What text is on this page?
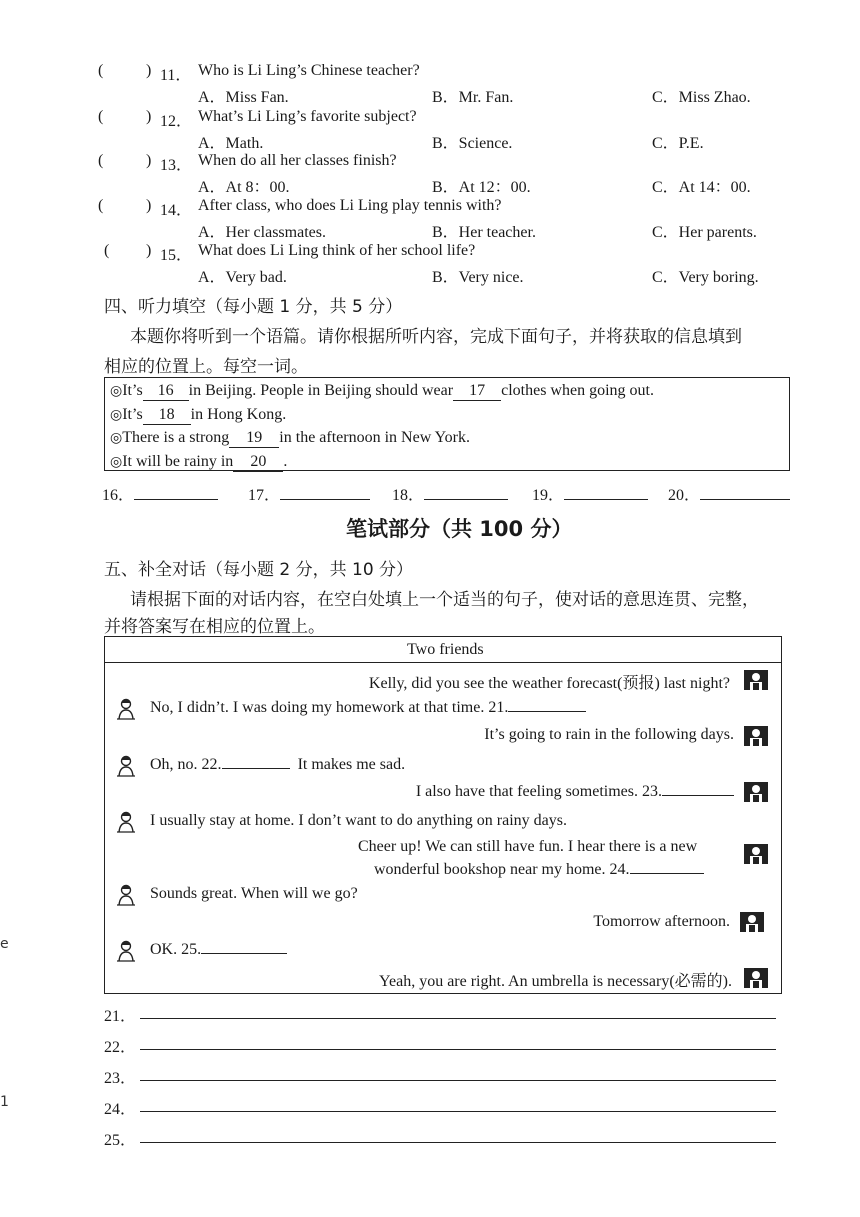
(	) 11． Who is Li Ling’s Chinese teacher?
A．Miss Fan.	B．Mr. Fan.	C．Miss Zhao.
(	) 12． What’s Li Ling’s favorite subject?
A．Math.	B．Science.	C．P.E.
(	) 13． When do all her classes finish?
A．At 8：00.	B．At 12：00.	C．At 14：00.
(	) 14． After class, who does Li Ling play tennis with?
A．Her classmates.	B．Her teacher.	C．Her parents.
( ) 15． What does Li Ling think of her school life?
A．Very bad.	B．Very nice.	C．Very boring.
四、听力填空（每小题 1 分，共 5 分）
本题你将听到一个语篇。请你根据所听内容，完成下面句子，并将获取的信息填到
相应的位置上。每空一词。
◎It’s 16 in Beijing. People in Beijing should wear 17 clothes when going out.
◎It’s 18 in Hong Kong.
◎There is a strong 19 in the afternoon in New York.
◎It will be rainy in 20 .
16．	17．	18．	19．	20．
笔试部分（共 100 分）
五、补全对话（每小题 2 分，共 10 分）
请根据下面的对话内容，在空白处填上一个适当的句子，使对话的意思连贯、完整，
并将答案写在相应的位置上。
Two friends
Kelly, did you see the weather forecast(预报) last night?
It’s going to rain in the following days.
I also have that feeling sometimes. 23.
Cheer up! We can still have fun. I hear there is a new
wonderful bookshop near my home. 24.
Tomorrow afternoon.
Yeah, you are right. An umbrella is necessary(必需的).
No, I didn’t. I was doing my homework at that time. 21.
Oh, no. 22.	It makes me sad.
I usually stay at home. I don’t want to do anything on rainy days.
Sounds great. When will we go?
OK. 25.
21．
22．
23．
24．
25．
e
1
